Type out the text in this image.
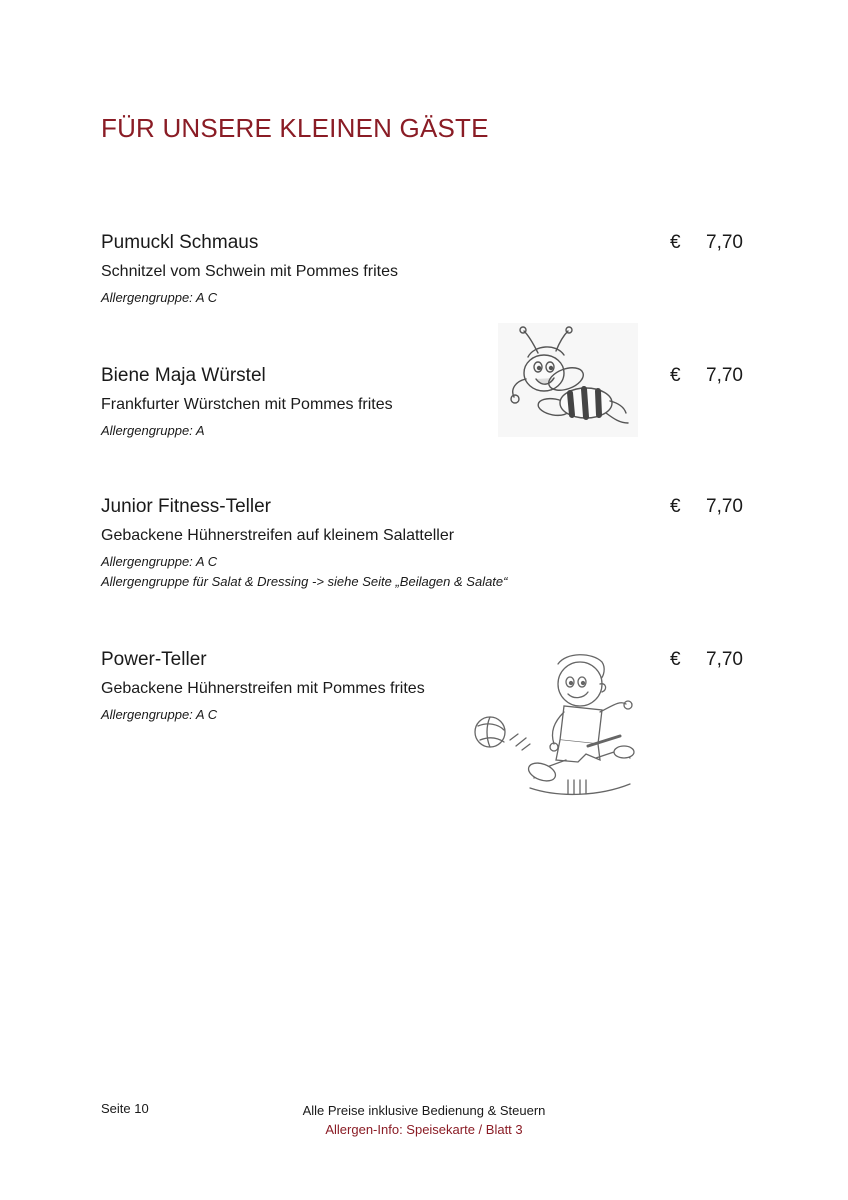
FÜR UNSERE KLEINEN GÄSTE
Pumuckl Schmaus
Schnitzel vom Schwein mit Pommes frites
Allergengruppe: A C
€ 7,70
Biene Maja Würstel
Frankfurter Würstchen mit Pommes frites
Allergengruppe: A
€ 7,70
Junior Fitness-Teller
Gebackene Hühnerstreifen auf kleinem Salatteller
Allergengruppe: A C
Allergengruppe für Salat & Dressing -> siehe Seite „Beilagen & Salate“
€ 7,70
Power-Teller
Gebackene Hühnerstreifen mit Pommes frites
Allergengruppe: A C
€ 7,70
Seite 10	Alle Preise inklusive Bedienung & Steuern
Allergen-Info: Speisekarte / Blatt 3
